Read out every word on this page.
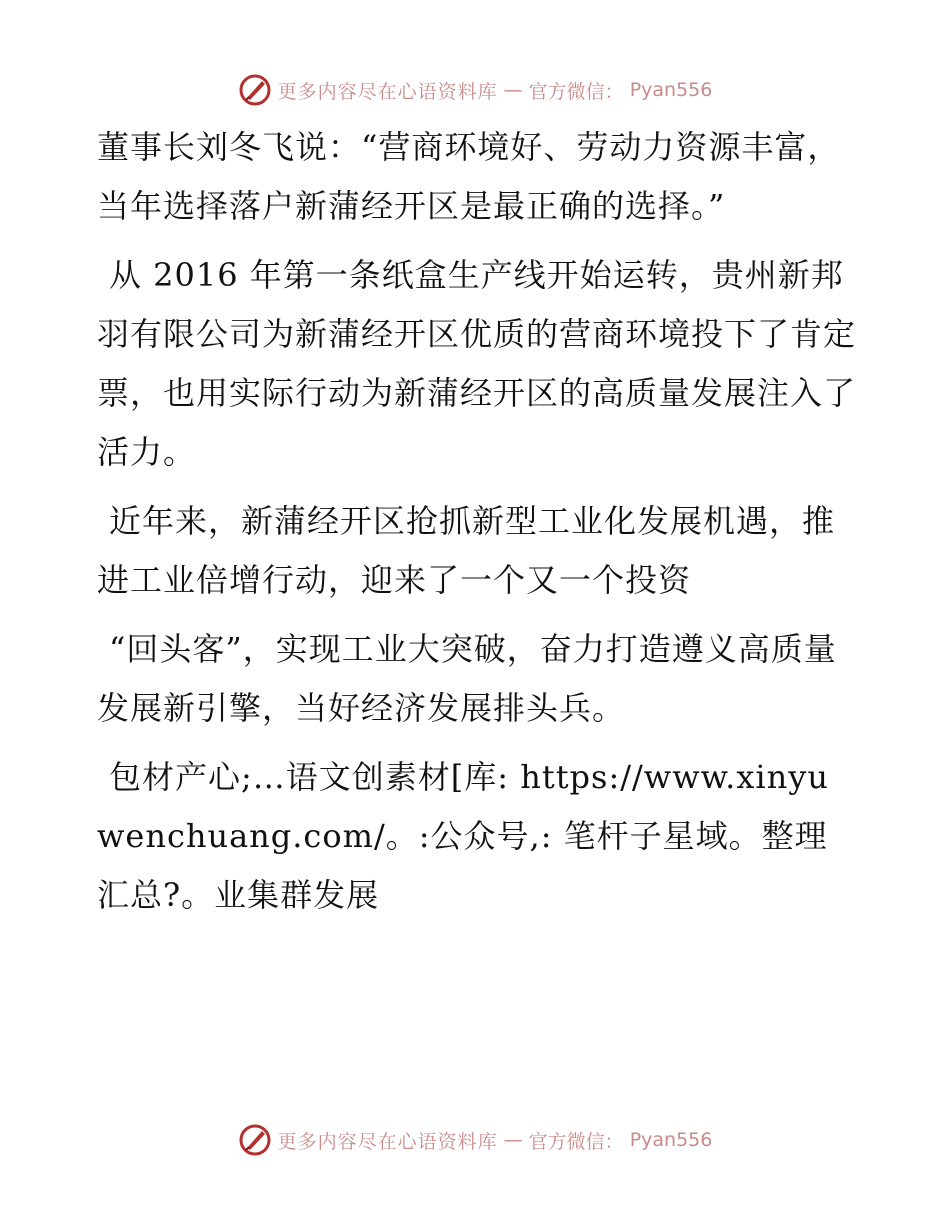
更多内容尽在心语资料库 — 官方微信： Pyan556

董事长刘冬飞说：“营商环境好、劳动力资源丰富，当年选择落户新蒲经开区是最正确的选择。”

从 2016 年第一条纸盒生产线开始运转，贵州新邦羽有限公司为新蒲经开区优质的营商环境投下了肯定票，也用实际行动为新蒲经开区的高质量发展注入了活力。

近年来，新蒲经开区抢抓新型工业化发展机遇，推进工业倍增行动，迎来了一个又一个投资

“回头客”，实现工业大突破，奋力打造遵义高质量发展新引擎，当好经济发展排头兵。

包材产心;…语文创素材[库: https://www.xinyuwenchuang.com/。:公众号,: 笔杆子星域。整理汇总?。业集群发展

更多内容尽在心语资料库 — 官方微信： Pyan556
